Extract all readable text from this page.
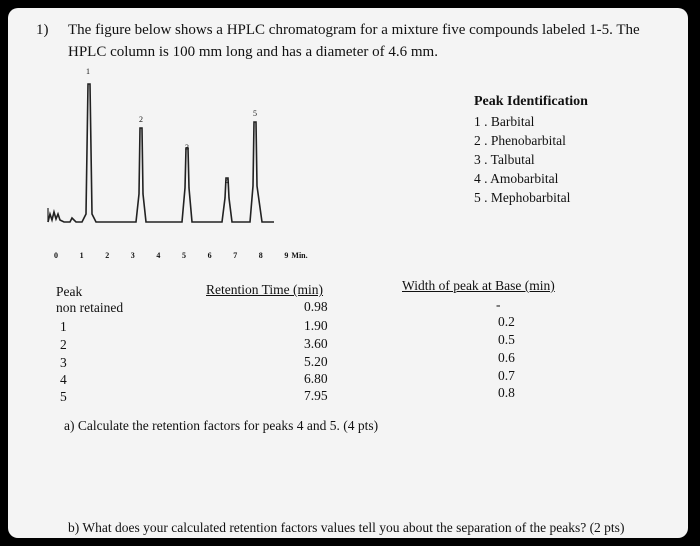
1) The figure below shows a HPLC chromatogram for a mixture five compounds labeled 1-5. The
HPLC column is 100 mm long and has a diameter of 4.6 mm.
1
2
3
4
5
0	1	2	3	4	5	6	7	8	9 Min.
Peak Identification
1 . Barbital
2 . Phenobarbital
3 . Talbutal
4 . Amobarbital
5 . Mephobarbital
Peak	Retention Time (min)	Width of peak at Base (min)
non retained	0.98	-
1	1.90	0.2
2	3.60	0.5
3	5.20	0.6
4	6.80	0.7
5	7.95	0.8
a) Calculate the retention factors for peaks 4 and 5. (4 pts)
b) What does your calculated retention factors values tell you about the separation of the peaks? (2 pts)
